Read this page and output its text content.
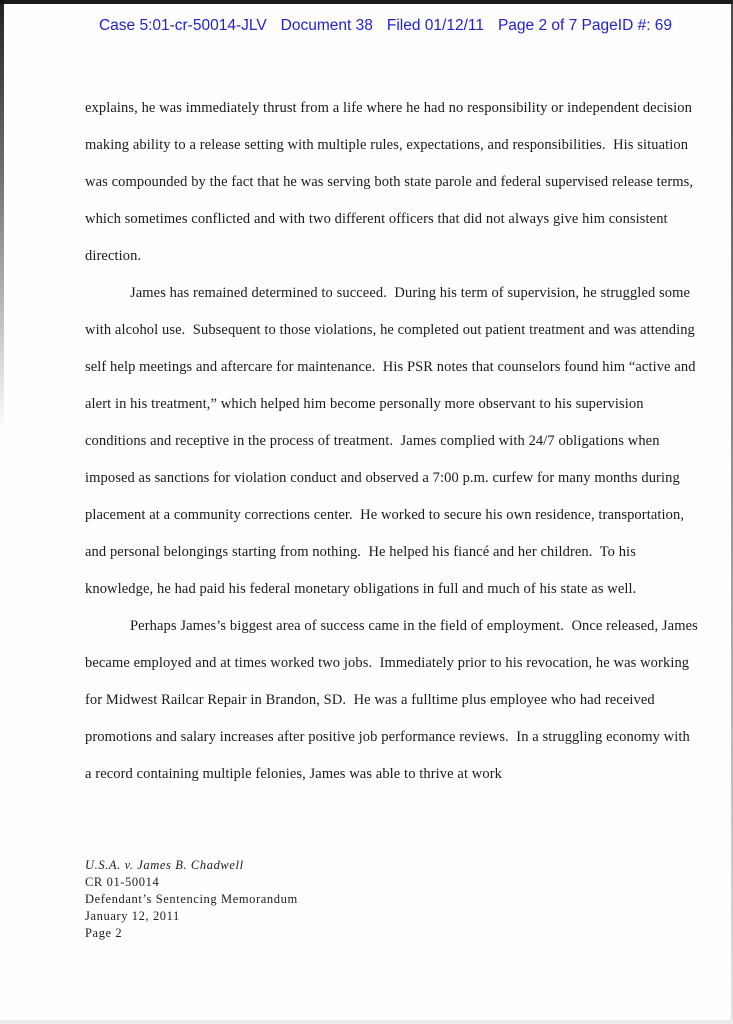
Case 5:01-cr-50014-JLV Document 38 Filed 01/12/11 Page 2 of 7 PageID #: 69

explains, he was immediately thrust from a life where he had no responsibility or independent decision making ability to a release setting with multiple rules, expectations, and responsibilities.  His situation was compounded by the fact that he was serving both state parole and federal supervised release terms, which sometimes conflicted and with two different officers that did not always give him consistent direction.

James has remained determined to succeed.  During his term of supervision, he struggled some with alcohol use.  Subsequent to those violations, he completed out patient treatment and was attending self help meetings and aftercare for maintenance.  His PSR notes that counselors found him “active and alert in his treatment,” which helped him become personally more observant to his supervision conditions and receptive in the process of treatment.  James complied with 24/7 obligations when imposed as sanctions for violation conduct and observed a 7:00 p.m. curfew for many months during placement at a community corrections center.  He worked to secure his own residence, transportation, and personal belongings starting from nothing.  He helped his fiancé and her children.  To his knowledge, he had paid his federal monetary obligations in full and much of his state as well.

Perhaps James’s biggest area of success came in the field of employment.  Once released, James became employed and at times worked two jobs.  Immediately prior to his revocation, he was working for Midwest Railcar Repair in Brandon, SD.  He was a fulltime plus employee who had received promotions and salary increases after positive job performance reviews.  In a struggling economy with a record containing multiple felonies, James was able to thrive at work

U.S.A. v. James B. Chadwell
CR 01-50014
Defendant’s Sentencing Memorandum
January 12, 2011
Page 2
